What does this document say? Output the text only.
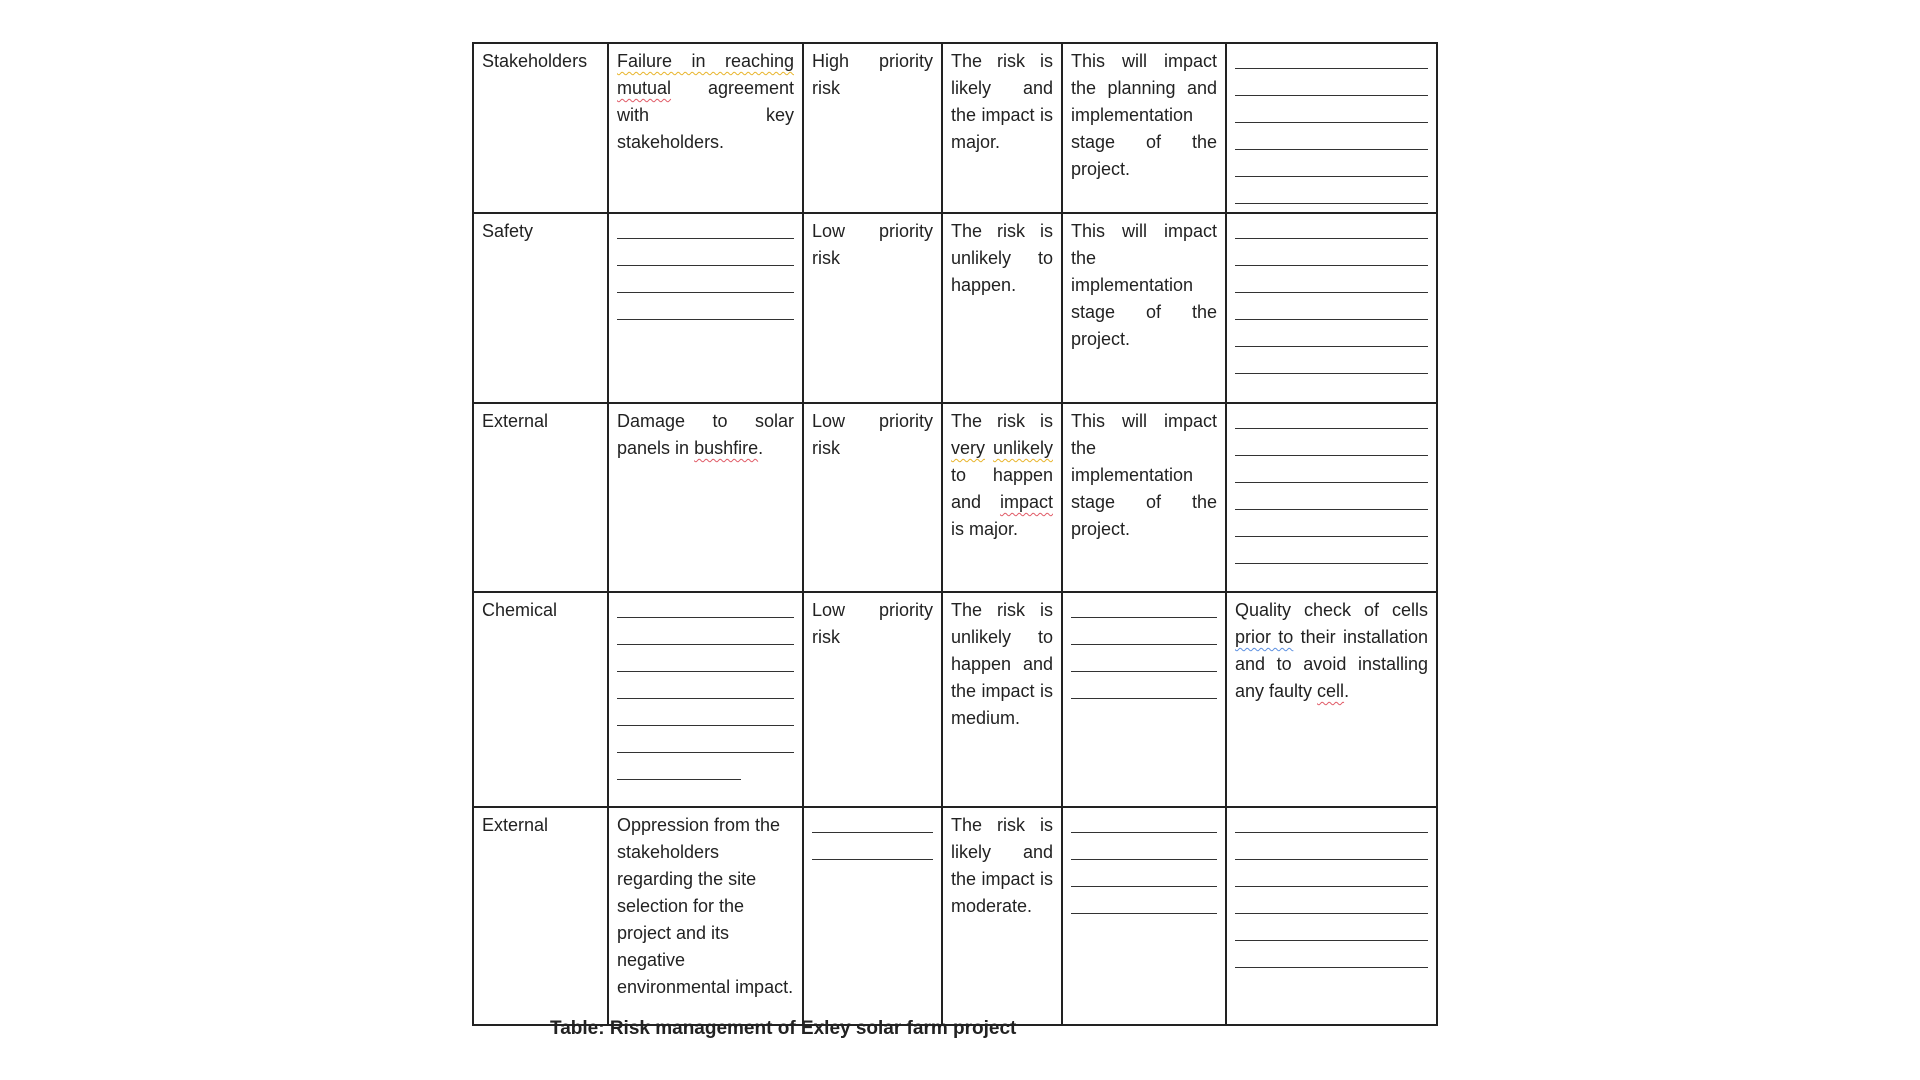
Stakeholders	Failure in reaching mutual agreement with key stakeholders.	High priority risk	The risk is likely and the impact is major.	This will impact the planning and implementation stage of the project.	

Safety		Low priority risk	The risk is unlikely to happen.	This will impact the implementation stage of the project.	

External	Damage to solar panels in bushfire.	Low priority risk	The risk is very unlikely to happen and impact is major.	This will impact the implementation stage of the project.	

Chemical		Low priority risk	The risk is unlikely to happen and the impact is medium.		Quality check of cells prior to their installation and to avoid installing any faulty cell.
External	Oppression from the stakeholders regarding the site selection for the project and its negative environmental impact.		The risk is likely and the impact is moderate.	

Table: Risk management of Exley solar farm project
